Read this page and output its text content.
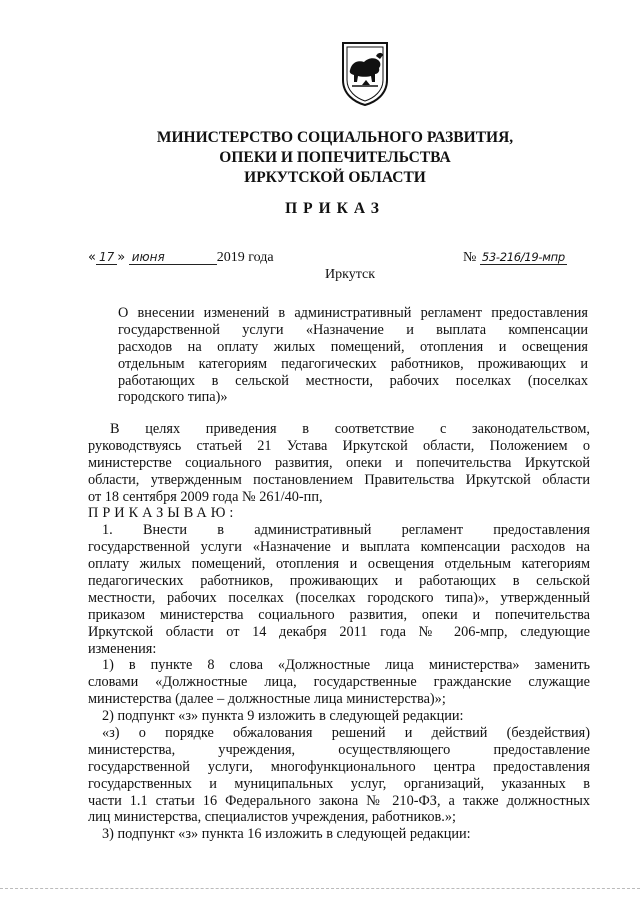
МИНИСТЕРСТВО СОЦИАЛЬНОГО РАЗВИТИЯ,
ОПЕКИ И ПОПЕЧИТЕЛЬСТВА
ИРКУТСКОЙ ОБЛАСТИ
ПРИКАЗ
« 17 » июня	2019 года	№ 53-216/19-мпр
Иркутск
О внесении изменений в административный регламент предоставления
государственной услуги «Назначение и выплата компенсации
расходов на оплату жилых помещений, отопления и освещения
отдельным категориям педагогических работников, проживающих и
работающих в сельской местности, рабочих поселках (поселках
городского типа)»
В целях приведения в соответствие с законодательством,
руководствуясь статьей 21 Устава Иркутской области, Положением о
министерстве социального развития, опеки и попечительства Иркутской
области, утвержденным постановлением Правительства Иркутской области
от 18 сентября 2009 года № 261/40-пп,
ПРИКАЗЫВАЮ:
1. Внести в административный регламент предоставления
государственной услуги «Назначение и выплата компенсации расходов на
оплату жилых помещений, отопления и освещения отдельным категориям
педагогических работников, проживающих и работающих в сельской
местности, рабочих поселках (поселках городского типа)», утвержденный
приказом министерства социального развития, опеки и попечительства
Иркутской области от 14 декабря 2011 года № 206-мпр, следующие
изменения:
1) в пункте 8 слова «Должностные лица министерства» заменить
словами «Должностные лица, государственные гражданские служащие
министерства (далее – должностные лица министерства)»;
2) подпункт «з» пункта 9 изложить в следующей редакции:
«з) о порядке обжалования решений и действий (бездействия)
министерства, учреждения, осуществляющего предоставление
государственной услуги, многофункционального центра предоставления
государственных и муниципальных услуг, организаций, указанных в
части 1.1 статьи 16 Федерального закона № 210-ФЗ, а также должностных
лиц министерства, специалистов учреждения, работников.»;
3) подпункт «з» пункта 16 изложить в следующей редакции:
